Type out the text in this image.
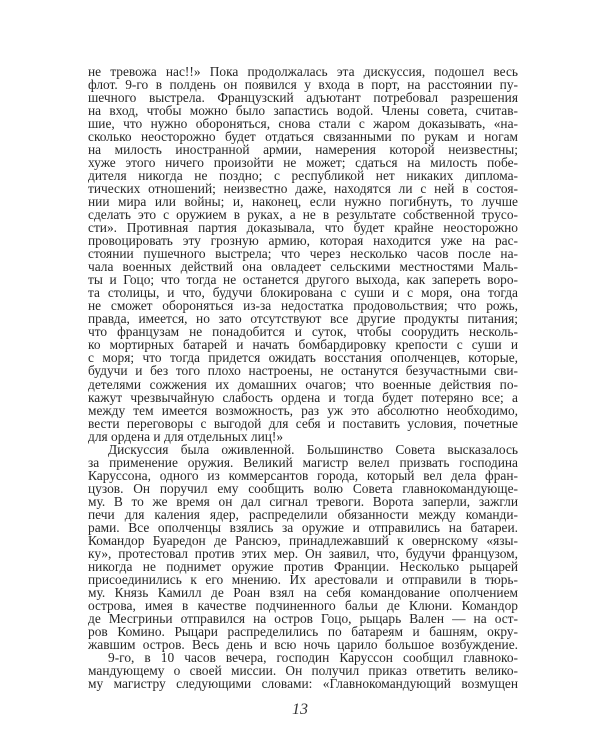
не тревожа нас!!» Пока продолжалась эта дискуссия, подошел весь
флот. 9-го в полдень он появился у входа в порт, на расстоянии пу-
шечного выстрела. Французский адъютант потребовал разрешения
на вход, чтобы можно было запастись водой. Члены совета, считав-
шие, что нужно обороняться, снова стали с жаром доказывать, «на-
сколько неосторожно будет отдаться связанными по рукам и ногам
на милость иностранной армии, намерения которой неизвестны;
хуже этого ничего произойти не может; сдаться на милость побе-
дителя никогда не поздно; с республикой нет никаких диплома-
тических отношений; неизвестно даже, находятся ли с ней в состоя-
нии мира или войны; и, наконец, если нужно погибнуть, то лучше
сделать это с оружием в руках, а не в результате собственной трусо-
сти». Противная партия доказывала, что будет крайне неосторожно
провоцировать эту грозную армию, которая находится уже на рас-
стоянии пушечного выстрела; что через несколько часов после на-
чала военных действий она овладеет сельскими местностями Маль-
ты и Гоцо; что тогда не останется другого выхода, как запереть воро-
та столицы, и что, будучи блокирована с суши и с моря, она тогда
не сможет обороняться из-за недостатка продовольствия; что рожь,
правда, имеется, но зато отсутствуют все другие продукты питания;
что французам не понадобится и суток, чтобы соорудить несколь-
ко мортирных батарей и начать бомбардировку крепости с суши и
с моря; что тогда придется ожидать восстания ополченцев, которые,
будучи и без того плохо настроены, не останутся безучастными сви-
детелями сожжения их домашних очагов; что военные действия по-
кажут чрезвычайную слабость ордена и тогда будет потеряно все; а
между тем имеется возможность, раз уж это абсолютно необходимо,
вести переговоры с выгодой для себя и поставить условия, почетные
для ордена и для отдельных лиц!»
Дискуссия была оживленной. Большинство Совета высказалось
за применение оружия. Великий магистр велел призвать господина
Каруссона, одного из коммерсантов города, который вел дела фран-
цузов. Он поручил ему сообщить волю Совета главнокомандующе-
му. В то же время он дал сигнал тревоги. Ворота заперли, зажгли
печи для каления ядер, распределили обязанности между команди-
рами. Все ополченцы взялись за оружие и отправились на батареи.
Командор Буаредон де Рансюэ, принадлежавший к овернскому «язы-
ку», протестовал против этих мер. Он заявил, что, будучи французом,
никогда не поднимет оружие против Франции. Несколько рыцарей
присоединились к его мнению. Их арестовали и отправили в тюрь-
му. Князь Камилл де Роан взял на себя командование ополчением
острова, имея в качестве подчиненного бальи де Клюни. Командор
де Месгриньи отправился на остров Гоцо, рыцарь Вален — на ост-
ров Комино. Рыцари распределились по батареям и башням, окру-
жавшим остров. Весь день и всю ночь царило большое возбуждение.
9-го, в 10 часов вечера, господин Каруссон сообщил главноко-
мандующему о своей миссии. Он получил приказ ответить велико-
му магистру следующими словами: «Главнокомандующий возмущен
13
